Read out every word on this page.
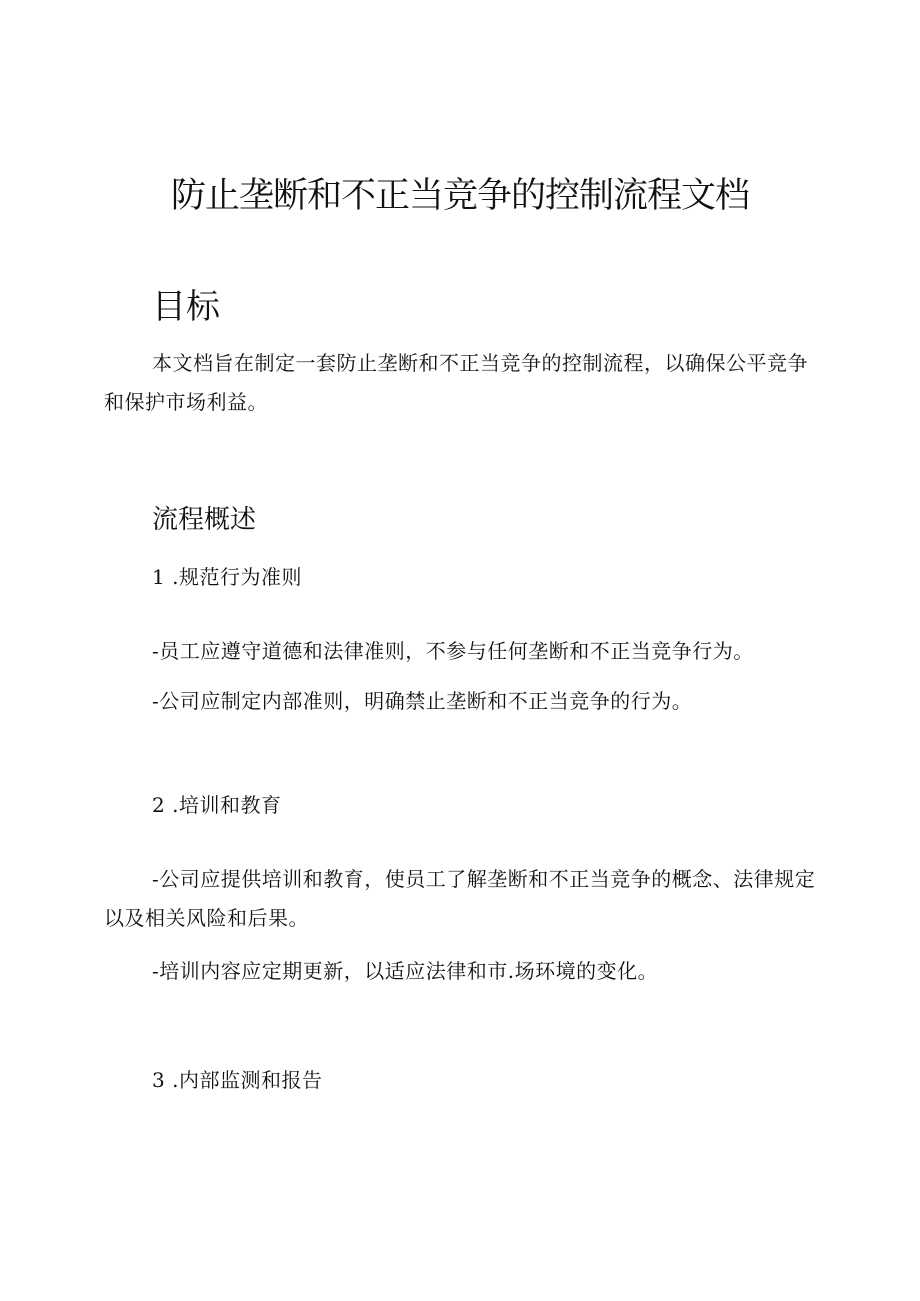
防止垄断和不正当竞争的控制流程文档
目标

本文档旨在制定一套防止垄断和不正当竞争的控制流程，以确保公平竞争和保护市场利益。

流程概述

1 .规范行为准则

-员工应遵守道德和法律准则，不参与任何垄断和不正当竞争行为。

-公司应制定内部准则，明确禁止垄断和不正当竞争的行为。

2 .培训和教育

-公司应提供培训和教育，使员工了解垄断和不正当竞争的概念、法律规定以及相关风险和后果。

-培训内容应定期更新，以适应法律和市.场环境的变化。

3 .内部监测和报告
